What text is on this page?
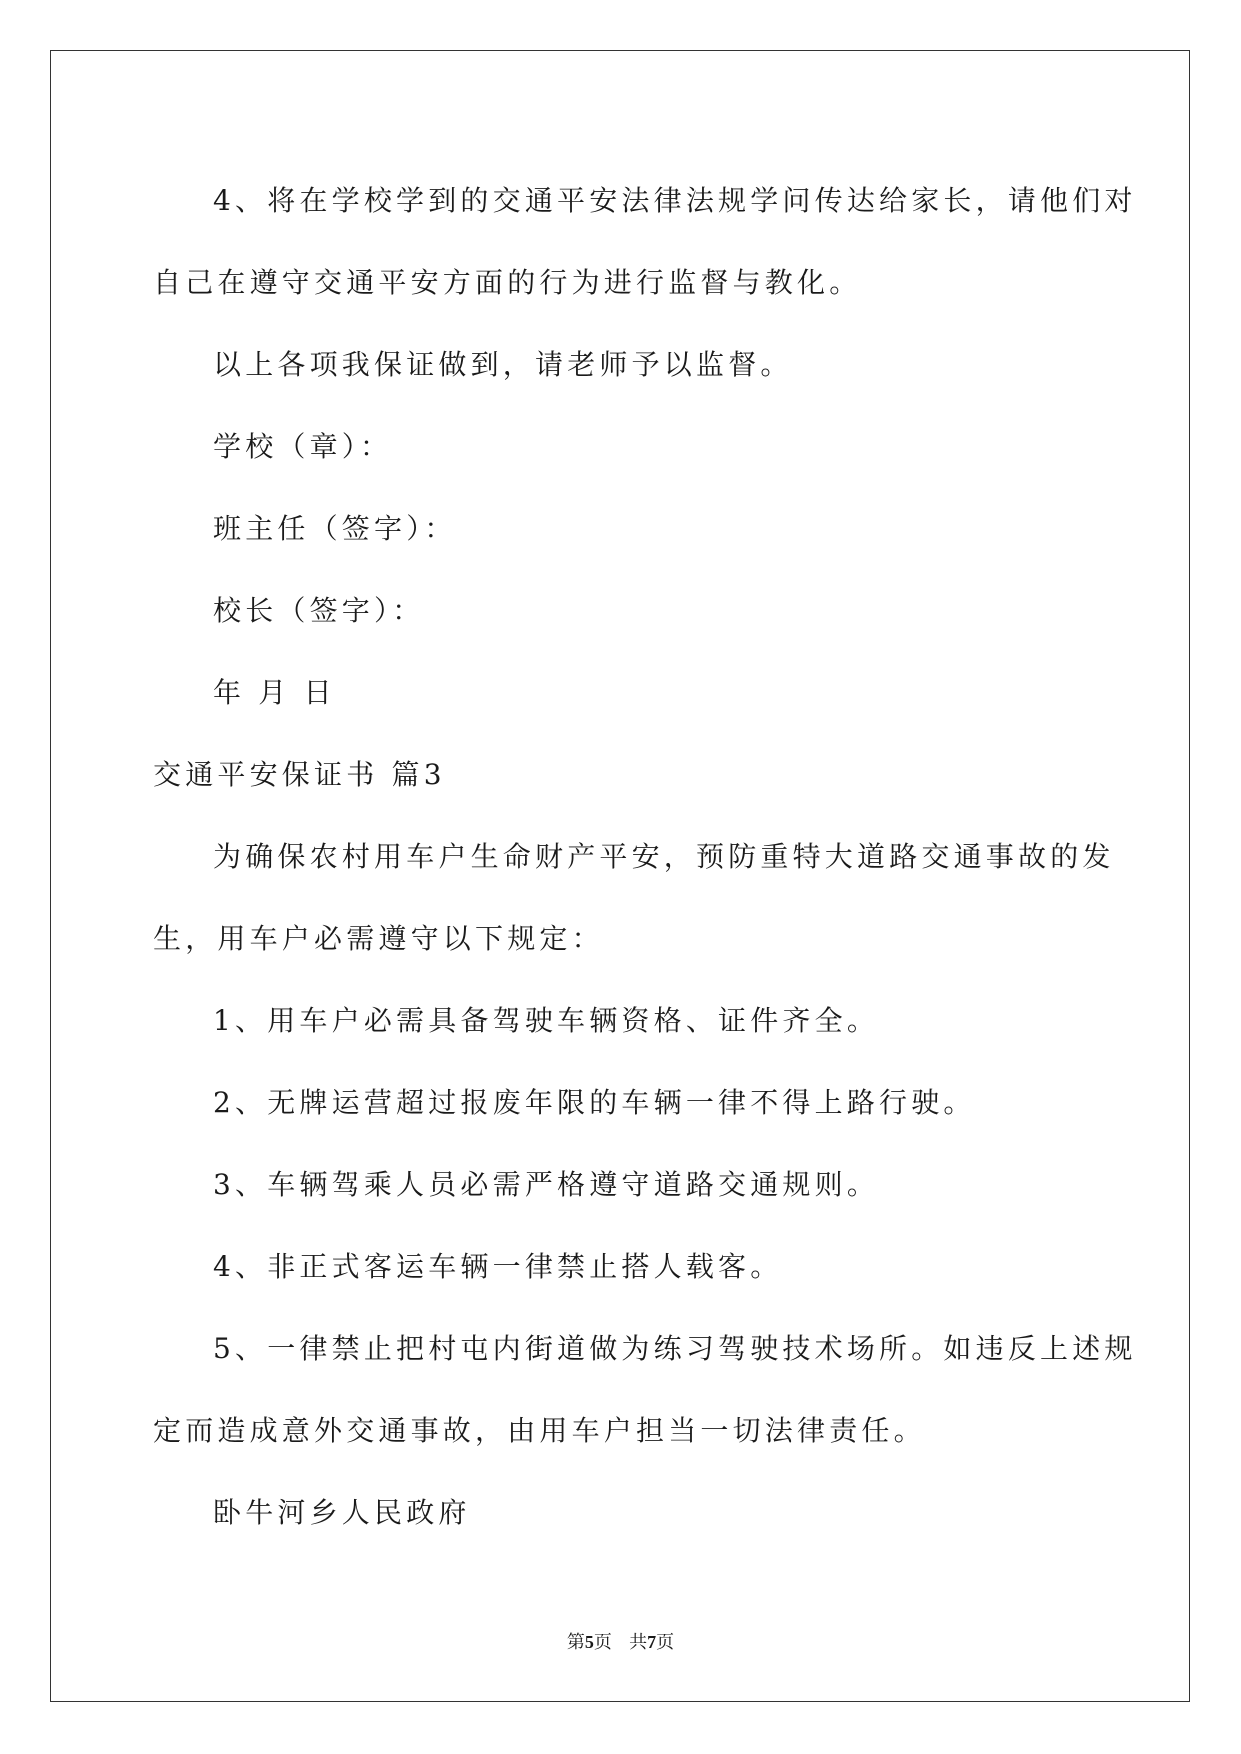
4、将在学校学到的交通平安法律法规学问传达给家长，请他们对

自己在遵守交通平安方面的行为进行监督与教化。

以上各项我保证做到，请老师予以监督。

学校（章）：

班主任（签字）：

校长（签字）：

年 月 日

交通平安保证书 篇3

为确保农村用车户生命财产平安，预防重特大道路交通事故的发

生，用车户必需遵守以下规定：

1、用车户必需具备驾驶车辆资格、证件齐全。

2、无牌运营超过报废年限的车辆一律不得上路行驶。

3、车辆驾乘人员必需严格遵守道路交通规则。

4、非正式客运车辆一律禁止搭人载客。

5、一律禁止把村屯内街道做为练习驾驶技术场所。如违反上述规

定而造成意外交通事故，由用车户担当一切法律责任。

卧牛河乡人民政府

第5页 共7页
